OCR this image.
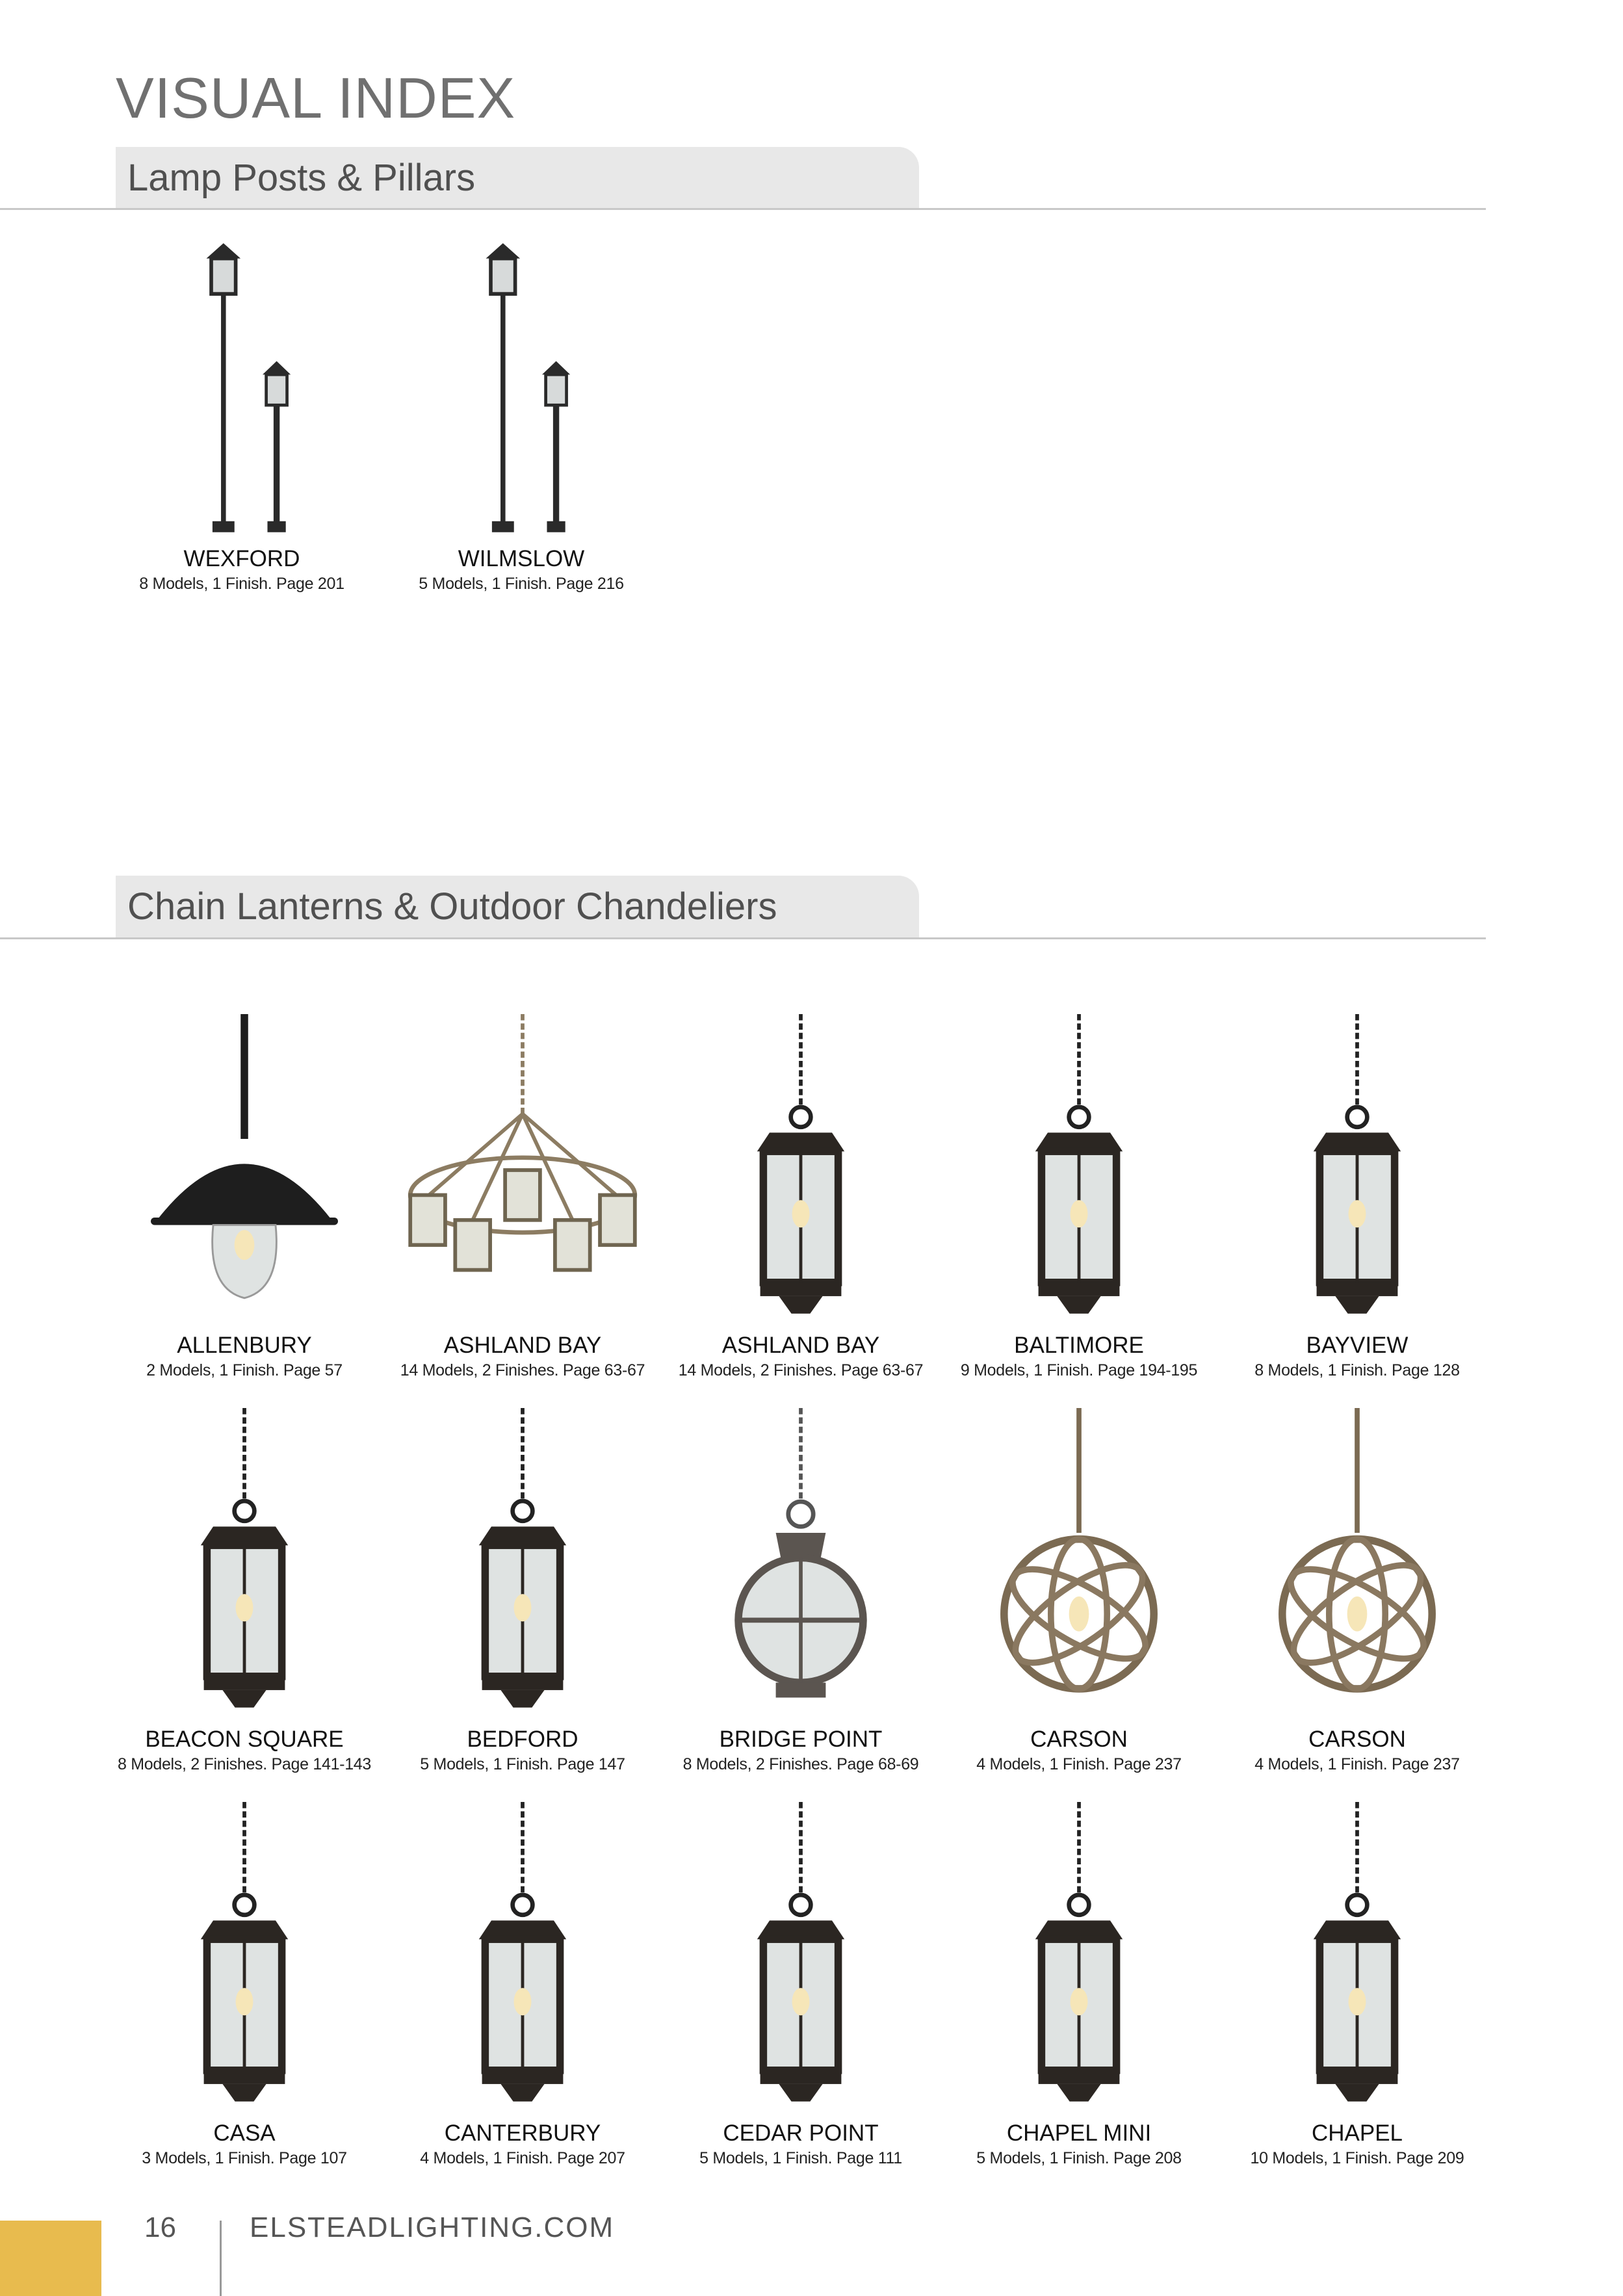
VISUAL INDEX
Lamp Posts & Pillars
WEXFORD
8 Models, 1 Finish. Page 201
WILMSLOW
5 Models, 1 Finish. Page 216
Chain Lanterns & Outdoor Chandeliers
ALLENBURY
2 Models, 1 Finish. Page 57
ASHLAND BAY
14 Models, 2 Finishes. Page 63-67
ASHLAND BAY
14 Models, 2 Finishes. Page 63-67
BALTIMORE
9 Models, 1 Finish. Page 194-195
BAYVIEW
8 Models, 1 Finish. Page 128
BEACON SQUARE
8 Models, 2 Finishes. Page 141-143
BEDFORD
5 Models, 1 Finish. Page 147
BRIDGE POINT
8 Models, 2 Finishes. Page 68-69
CARSON
4 Models, 1 Finish. Page 237
CARSON
4 Models, 1 Finish. Page 237
CASA
3 Models, 1 Finish. Page 107
CANTERBURY
4 Models, 1 Finish. Page 207
CEDAR POINT
5 Models, 1 Finish. Page 111
CHAPEL MINI
5 Models, 1 Finish. Page 208
CHAPEL
10 Models, 1 Finish. Page 209
16	ELSTEADLIGHTING.COM
